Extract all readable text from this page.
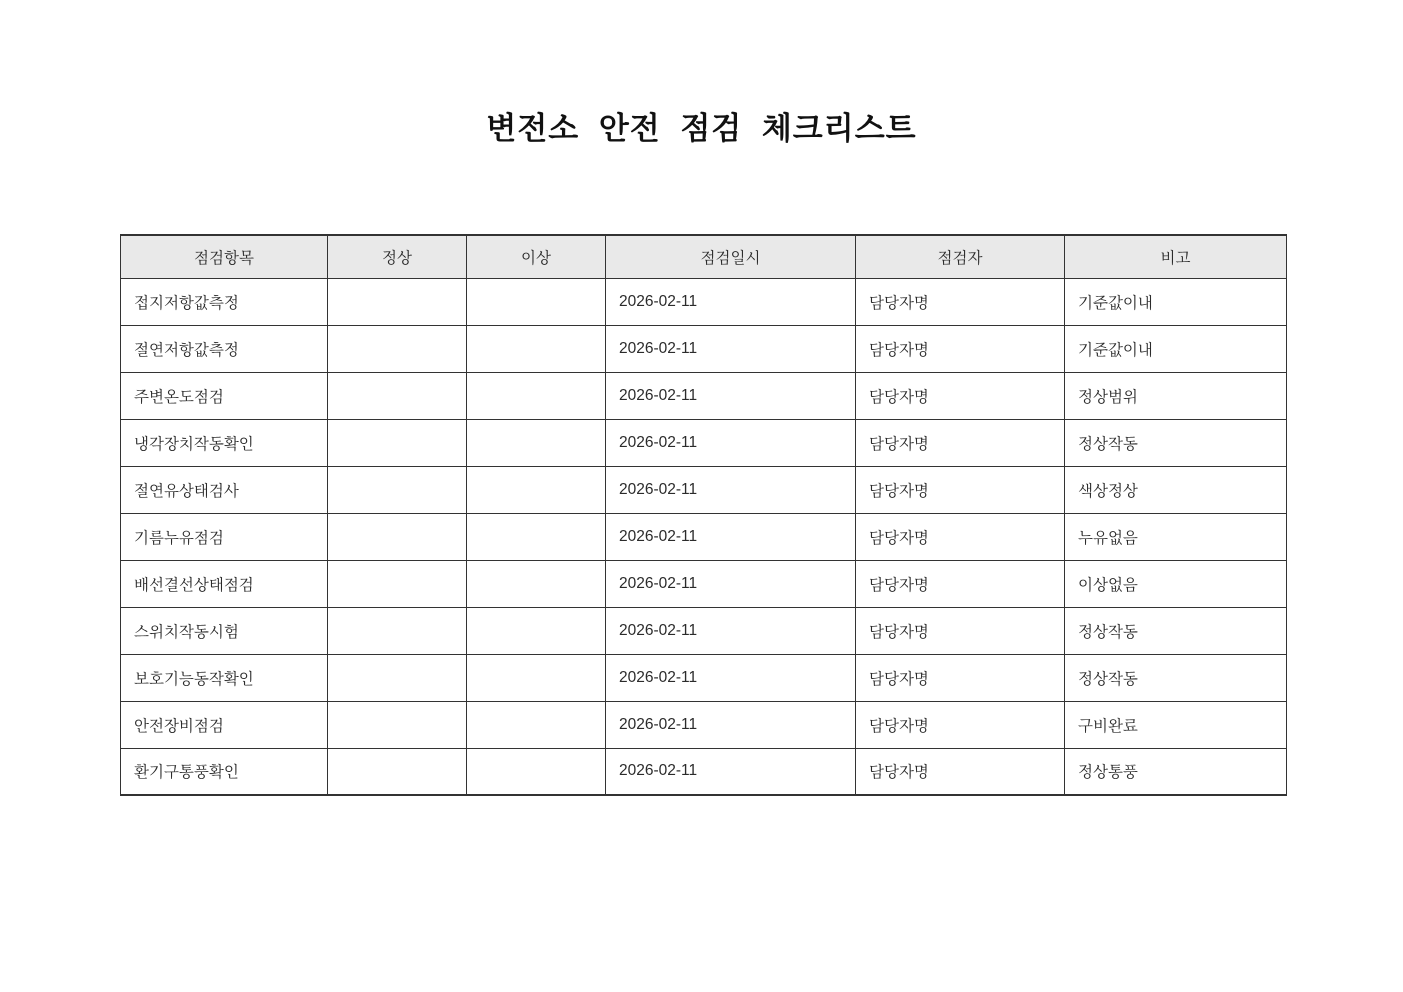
변전소 안전 점검 체크리스트
점검항목	정상	이상	점검일시	점검자	비고
접지저항값측정			2026-02-11	담당자명	기준값이내
절연저항값측정			2026-02-11	담당자명	기준값이내
주변온도점검			2026-02-11	담당자명	정상범위
냉각장치작동확인			2026-02-11	담당자명	정상작동
절연유상태검사			2026-02-11	담당자명	색상정상
기름누유점검			2026-02-11	담당자명	누유없음
배선결선상태점검			2026-02-11	담당자명	이상없음
스위치작동시험			2026-02-11	담당자명	정상작동
보호기능동작확인			2026-02-11	담당자명	정상작동
안전장비점검			2026-02-11	담당자명	구비완료
환기구통풍확인			2026-02-11	담당자명	정상통풍
